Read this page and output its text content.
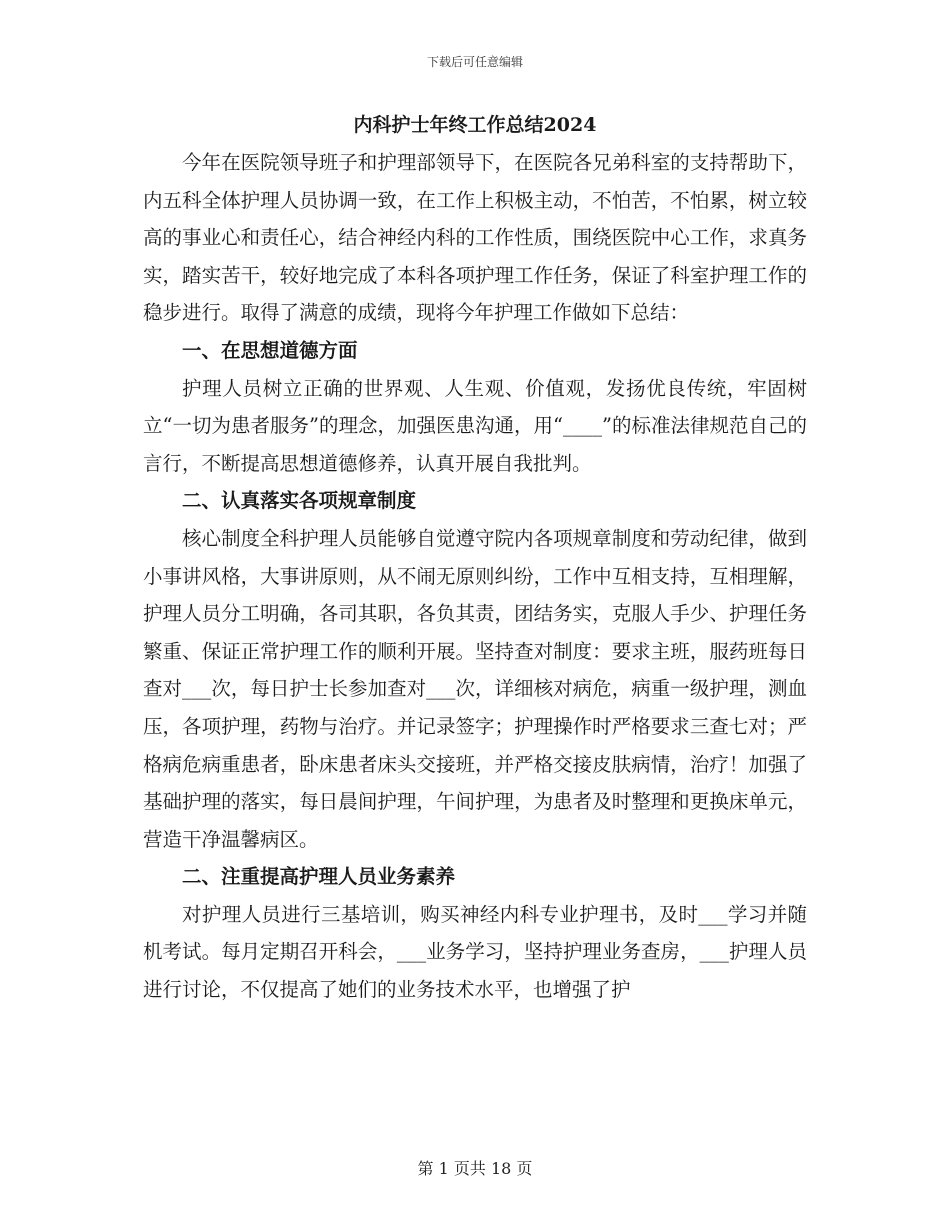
下载后可任意编辑
内科护士年终工作总结2024

今年在医院领导班子和护理部领导下，在医院各兄弟科室的支持帮助下，内五科全体护理人员协调一致，在工作上积极主动，不怕苦，不怕累，树立较高的事业心和责任心，结合神经内科的工作性质，围绕医院中心工作，求真务实，踏实苦干，较好地完成了本科各项护理工作任务，保证了科室护理工作的稳步进行。取得了满意的成绩，现将今年护理工作做如下总结：

一、在思想道德方面

护理人员树立正确的世界观、人生观、价值观，发扬优良传统，牢固树立“一切为患者服务”的理念，加强医患沟通，用“____”的标准法律规范自己的言行，不断提高思想道德修养，认真开展自我批判。

二、认真落实各项规章制度

核心制度全科护理人员能够自觉遵守院内各项规章制度和劳动纪律，做到小事讲风格，大事讲原则，从不闹无原则纠纷，工作中互相支持，互相理解，护理人员分工明确，各司其职，各负其责，团结务实，克服人手少、护理任务繁重、保证正常护理工作的顺利开展。坚持查对制度：要求主班，服药班每日查对___次，每日护士长参加查对___次，详细核对病危，病重一级护理，测血压，各项护理，药物与治疗。并记录签字；护理操作时严格要求三查七对；严格病危病重患者，卧床患者床头交接班，并严格交接皮肤病情，治疗！加强了基础护理的落实，每日晨间护理，午间护理，为患者及时整理和更换床单元，营造干净温馨病区。

二、注重提高护理人员业务素养

对护理人员进行三基培训，购买神经内科专业护理书，及时___学习并随机考试。每月定期召开科会，___业务学习，坚持护理业务查房，___护理人员进行讨论，不仅提高了她们的业务技术水平，也增强了护

第 1 页共 18 页
